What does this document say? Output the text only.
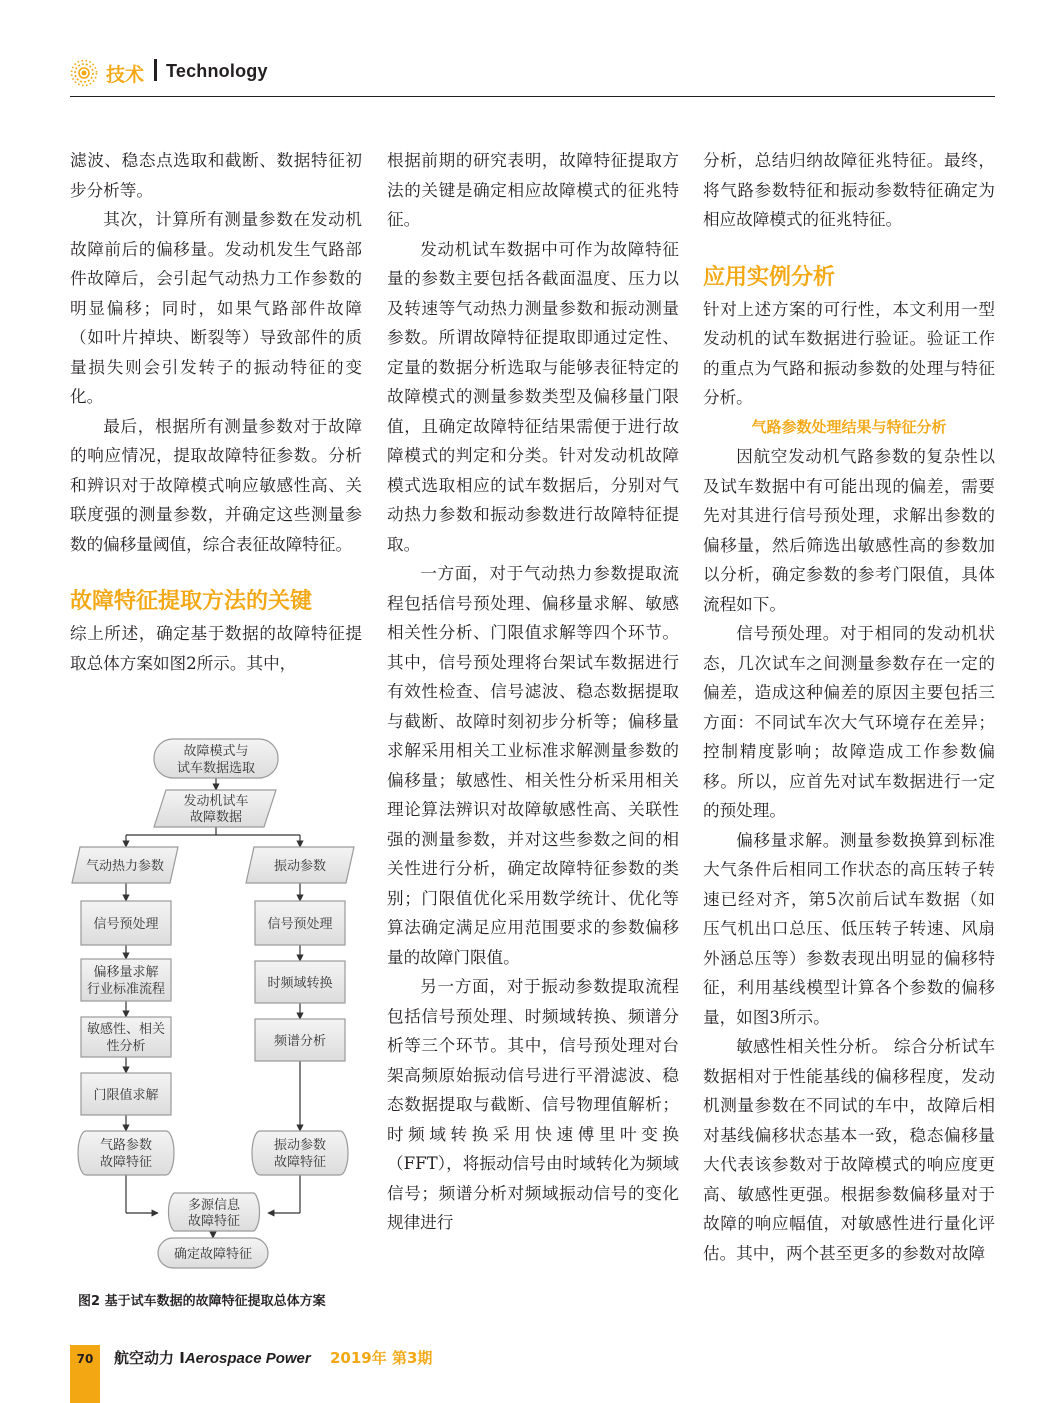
技术 Technology

滤波、稳态点选取和截断、数据特征初步分析等。

其次，计算所有测量参数在发动机故障前后的偏移量。发动机发生气路部件故障后，会引起气动热力工作参数的明显偏移；同时，如果气路部件故障（如叶片掉块、断裂等）导致部件的质量损失则会引发转子的振动特征的变化。

最后，根据所有测量参数对于故障的响应情况，提取故障特征参数。分析和辨识对于故障模式响应敏感性高、关联度强的测量参数，并确定这些测量参数的偏移量阈值，综合表征故障特征。

故障特征提取方法的关键

综上所述，确定基于数据的故障特征提取总体方案如图2所示。其中，

根据前期的研究表明，故障特征提取方法的关键是确定相应故障模式的征兆特征。

发动机试车数据中可作为故障特征量的参数主要包括各截面温度、压力以及转速等气动热力测量参数和振动测量参数。所谓故障特征提取即通过定性、定量的数据分析选取与能够表征特定的故障模式的测量参数类型及偏移量门限值，且确定故障特征结果需便于进行故障模式的判定和分类。针对发动机故障模式选取相应的试车数据后，分别对气动热力参数和振动参数进行故障特征提取。

一方面，对于气动热力参数提取流程包括信号预处理、偏移量求解、敏感相关性分析、门限值求解等四个环节。其中，信号预处理将台架试车数据进行有效性检查、信号滤波、稳态数据提取与截断、故障时刻初步分析等；偏移量求解采用相关工业标准求解测量参数的偏移量；敏感性、相关性分析采用相关理论算法辨识对故障敏感性高、关联性强的测量参数，并对这些参数之间的相关性进行分析，确定故障特征参数的类别；门限值优化采用数学统计、优化等算法确定满足应用范围要求的参数偏移量的故障门限值。

另一方面，对于振动参数提取流程包括信号预处理、时频域转换、频谱分析等三个环节。其中，信号预处理对台架高频原始振动信号进行平滑滤波、稳态数据提取与截断、信号物理值解析；时频域转换采用快速傅里叶变换（FFT），将振动信号由时域转化为频域信号；频谱分析对频域振动信号的变化规律进行

分析，总结归纳故障征兆特征。最终，将气路参数特征和振动参数特征确定为相应故障模式的征兆特征。

应用实例分析

针对上述方案的可行性，本文利用一型发动机的试车数据进行验证。验证工作的重点为气路和振动参数的处理与特征分析。

气路参数处理结果与特征分析

因航空发动机气路参数的复杂性以及试车数据中有可能出现的偏差，需要先对其进行信号预处理，求解出参数的偏移量，然后筛选出敏感性高的参数加以分析，确定参数的参考门限值，具体流程如下。

信号预处理。对于相同的发动机状态，几次试车之间测量参数存在一定的偏差，造成这种偏差的原因主要包括三方面：不同试车次大气环境存在差异；控制精度影响；故障造成工作参数偏移。所以，应首先对试车数据进行一定的预处理。

偏移量求解。测量参数换算到标准大气条件后相同工作状态的高压转子转速已经对齐，第5次前后试车数据（如压气机出口总压、低压转子转速、风扇外涵总压等）参数表现出明显的偏移特征，利用基线模型计算各个参数的偏移量，如图3所示。

敏感性相关性分析。 综合分析试车数据相对于性能基线的偏移程度，发动机测量参数在不同试的车中，故障后相对基线偏移状态基本一致，稳态偏移量大代表该参数对于故障模式的响应度更高、敏感性更强。根据参数偏移量对于故障的响应幅值，对敏感性进行量化评估。其中，两个甚至更多的参数对故障

故障模式与
试车数据选取
发动机试车
故障数据
气动热力参数	振动参数
信号预处理
偏移量求解
行业标准流程
敏感性、相关
性分析
门限值求解
气路参数
故障特征
信号预处理
时频域转换
频谱分析
振动参数
故障特征
多源信息
故障特征
确定故障特征
图2 基于试车数据的故障特征提取总体方案
70	航空动力 IAerospace Power 2019年 第3期
